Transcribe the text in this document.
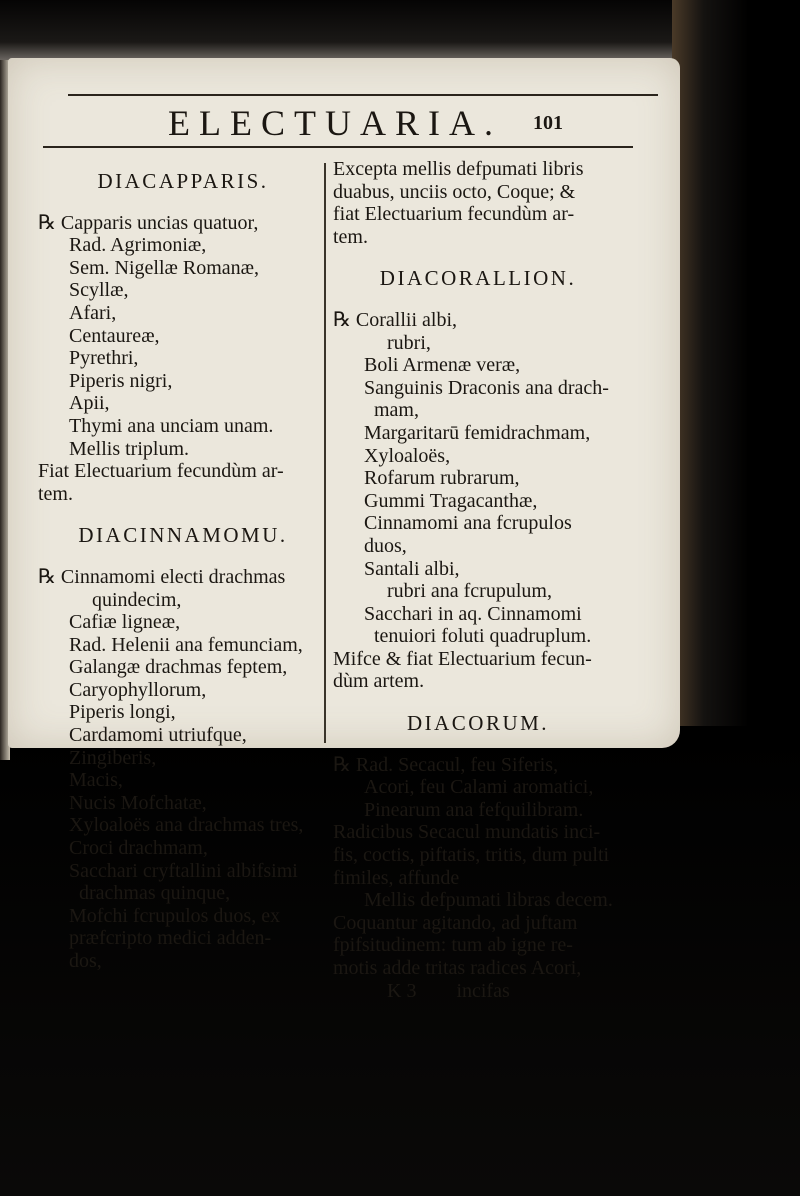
ELECTUARIA.	101
DIACAPPARIS.
℞ Capparis uncias quatuor,
Rad. Agrimoniæ,
Sem. Nigellæ Romanæ,
Scyllæ,
Afari,
Centaureæ,
Pyrethri,
Piperis nigri,
Apii,
Thymi ana unciam unam.
Mellis triplum.
Fiat Electuarium fecundùm ar-
tem.
DIACINNAMOMU.
℞ Cinnamomi electi drachmas
quindecim,
Cafiæ ligneæ,
Rad. Helenii ana femunciam,
Galangæ drachmas feptem,
Caryophyllorum,
Piperis longi,
Cardamomi utriufque,
Zingiberis,
Macis,
Nucis Mofchatæ,
Xyloaloës ana drachmas tres,
Croci drachmam,
Sacchari cryftallini albifsimi
drachmas quinque,
Mofchi fcrupulos duos, ex
præfcripto medici adden-
dos,
Excepta mellis defpumati libris
duabus, unciis octo, Coque; &
fiat Electuarium fecundùm ar-
tem.
DIACORALLION.
℞ Corallii albi,
rubri,
Boli Armenæ veræ,
Sanguinis Draconis ana drach-
mam,
Margaritarū femidrachmam,
Xyloaloës,
Rofarum rubrarum,
Gummi Tragacanthæ,
Cinnamomi ana fcrupulos
duos,
Santali albi,
rubri ana fcrupulum,
Sacchari in aq. Cinnamomi
tenuiori foluti quadruplum.
Mifce & fiat Electuarium fecun-
dùm artem.
DIACORUM.
℞ Rad. Secacul, feu Siferis,
Acori, feu Calami aromatici,
Pinearum ana fefquilibram.
Radicibus Secacul mundatis inci-
fis, coctis, piftatis, tritis, dum pulti
fimiles, affunde
Mellis defpumati libras decem.
Coquantur agitando, ad juftam
fpifsitudinem: tum ab igne re-
motis adde tritas radices Acori,
K 3        incifas
